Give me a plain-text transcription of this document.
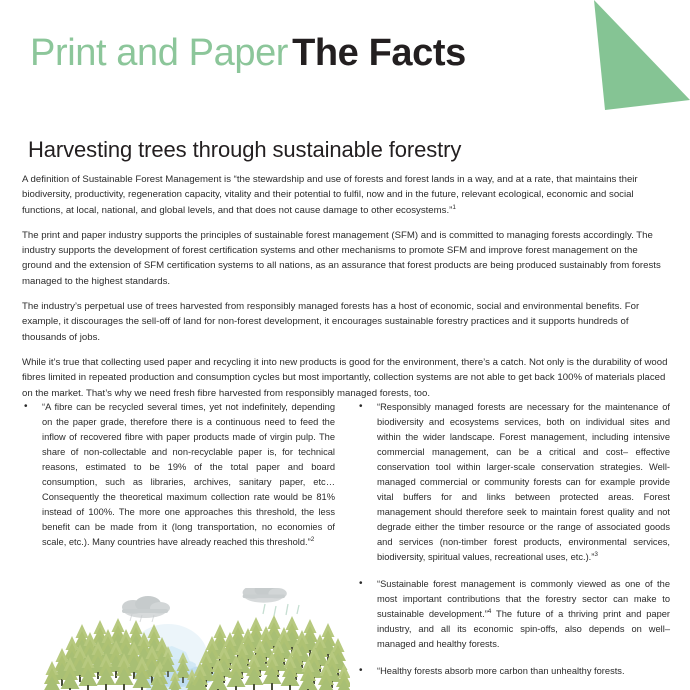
Print and Paper The Facts
Harvesting trees through sustainable forestry

A definition of Sustainable Forest Management is “the stewardship and use of forests and forest lands in a way, and at a rate, that maintains their biodiversity, productivity, regeneration capacity, vitality and their potential to fulfil, now and in the future, relevant ecological, economic and social functions, at local, national, and global levels, and that does not cause damage to other ecosystems.”$^1$

The print and paper industry supports the principles of sustainable forest management (SFM) and is committed to managing forests accordingly. The industry supports the development of forest certification systems and other mechanisms to promote SFM and improve forest management on the ground and the extension of SFM certification systems to all nations, as an assurance that forest products are being produced sustainably from forests managed to the highest standards.

The industry’s perpetual use of trees harvested from responsibly managed forests has a host of economic, social and environmental benefits. For example, it discourages the sell-off of land for non-forest development, it encourages sustainable forestry practices and it supports hundreds of thousands of jobs.

While it’s true that collecting used paper and recycling it into new products is good for the environment, there’s a catch. Not only is the durability of wood fibres limited in repeated production and consumption cycles but most importantly, collection systems are not able to get back 100% of materials placed on the market. That’s why we need fresh fibre harvested from responsibly managed forests, too.

• “A fibre can be recycled several times, yet not indefinitely, depending on the paper grade, therefore there is a continuous need to feed the inflow of recovered fibre with paper products made of virgin pulp. The share of non-collectable and non-recyclable paper is, for technical reasons, estimated to be 19% of the total paper and board consumption, such as libraries, archives, sanitary paper, etc… Consequently the theoretical maximum collection rate would be 81% instead of 100%. The more one approaches this threshold, the less benefit can be made from it (long transportation, no economies of scale, etc.). Many countries have already reached this threshold.”$^2$
• “Responsibly managed forests are necessary for the maintenance of biodiversity and ecosystems services, both on individual sites and within the wider landscape. Forest management, including intensive commercial management, can be a critical and cost– effective conservation tool within larger-scale conservation strategies. Well-managed commercial or community forests can for example provide vital buffers for and links between protected areas. Forest management should therefore seek to maintain forest quality and not degrade either the timber resource or the range of associated goods and services (non-timber forest products, environmental services, biodiversity, spiritual values, recreational uses, etc.).”$^3$
• “Sustainable forest management is commonly viewed as one of the most important contributions that the forestry sector can make to sustainable development.”$^4$ The future of a thriving print and paper industry, and all its economic spin-offs, also depends on well– managed and healthy forests.
• “Healthy forests absorb more carbon than unhealthy forests.
